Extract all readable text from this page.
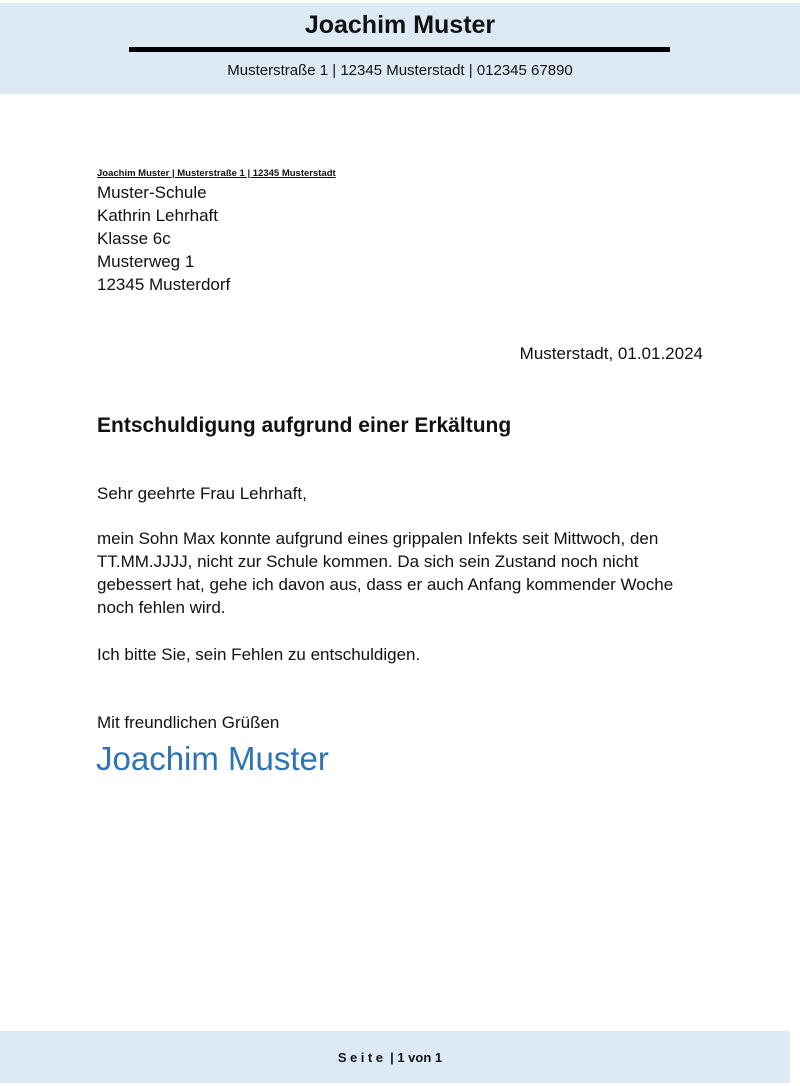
Joachim Muster
Musterstraße 1 | 12345 Musterstadt | 012345 67890
Joachim Muster | Musterstraße 1 | 12345 Musterstadt
Muster-Schule
Kathrin Lehrhaft
Klasse 6c
Musterweg 1
12345 Musterdorf
Musterstadt, 01.01.2024
Entschuldigung aufgrund einer Erkältung
Sehr geehrte Frau Lehrhaft,
mein Sohn Max konnte aufgrund eines grippalen Infekts seit Mittwoch, den TT.MM.JJJJ, nicht zur Schule kommen. Da sich sein Zustand noch nicht gebessert hat, gehe ich davon aus, dass er auch Anfang kommender Woche noch fehlen wird.
Ich bitte Sie, sein Fehlen zu entschuldigen.
Mit freundlichen Grüßen
Joachim Muster
Seite | 1 von 1
